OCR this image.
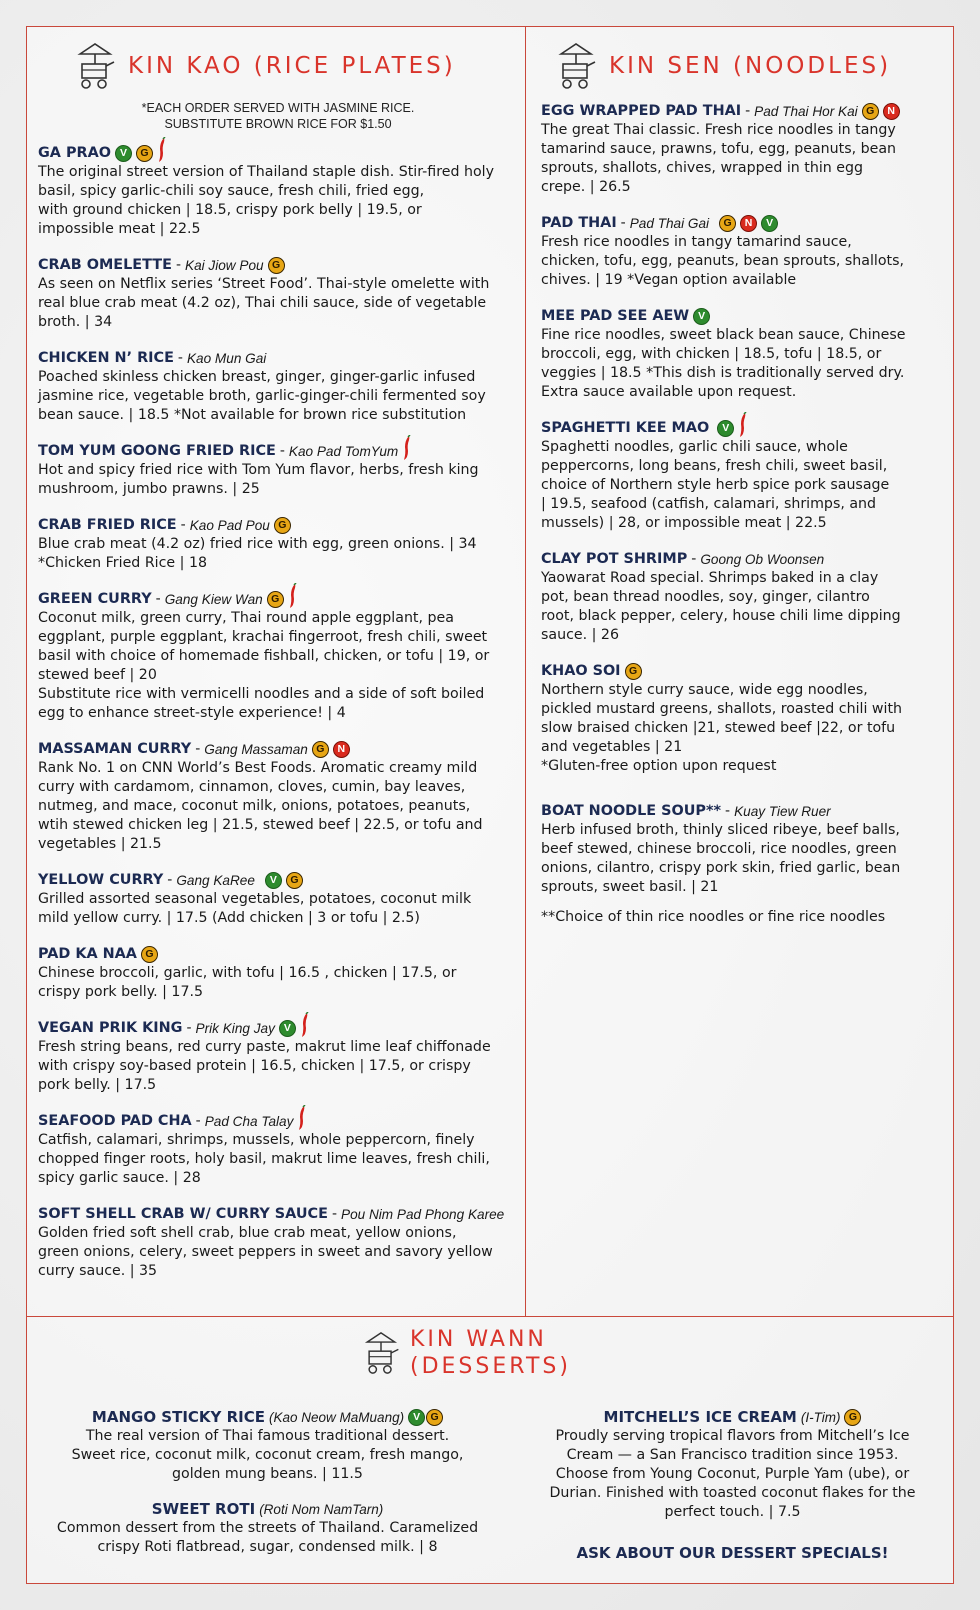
KIN KAO (RICE PLATES)
*EACH ORDER SERVED WITH JASMINE RICE.
SUBSTITUTE BROWN RICE FOR $1.50
GA PRAO V	G
The original street version of Thailand staple dish. Stir-fired holy
basil, spicy garlic-chili soy sauce, fresh chili, fried egg,
with ground chicken | 18.5, crispy pork belly | 19.5, or
impossible meat | 22.5
CRAB OMELETTE - Kai Jiow Pou G
As seen on Netflix series ‘Street Food’. Thai-style omelette with
real blue crab meat (4.2 oz), Thai chili sauce, side of vegetable
broth. | 34
CHICKEN N’ RICE - Kao Mun Gai
Poached skinless chicken breast, ginger, ginger-garlic infused
jasmine rice, vegetable broth, garlic-ginger-chili fermented soy
bean sauce. | 18.5 *Not available for brown rice substitution
TOM YUM GOONG FRIED RICE - Kao Pad TomYum
Hot and spicy fried rice with Tom Yum flavor, herbs, fresh king
mushroom, jumbo prawns. | 25
CRAB FRIED RICE - Kao Pad Pou G
Blue crab meat (4.2 oz) fried rice with egg, green onions. | 34
*Chicken Fried Rice | 18
GREEN CURRY - Gang Kiew Wan G
Coconut milk, green curry, Thai round apple eggplant, pea
eggplant, purple eggplant, krachai fingerroot, fresh chili, sweet
basil with choice of homemade fishball, chicken, or tofu | 19, or
stewed beef | 20
Substitute rice with vermicelli noodles and a side of soft boiled
egg to enhance street-style experience! | 4
MASSAMAN CURRY - Gang Massaman G	N
Rank No. 1 on CNN World’s Best Foods. Aromatic creamy mild
curry with cardamom, cinnamon, cloves, cumin, bay leaves,
nutmeg, and mace, coconut milk, onions, potatoes, peanuts,
wtih stewed chicken leg | 21.5, stewed beef | 22.5, or tofu and
vegetables | 21.5
YELLOW CURRY - Gang KaRee	V	G
Grilled assorted seasonal vegetables, potatoes, coconut milk
mild yellow curry. | 17.5 (Add chicken | 3 or tofu | 2.5)
PAD KA NAA G
Chinese broccoli, garlic, with tofu | 16.5 , chicken | 17.5, or
crispy pork belly. | 17.5
VEGAN PRIK KING - Prik King Jay V
Fresh string beans, red curry paste, makrut lime leaf chiffonade
with crispy soy-based protein | 16.5, chicken | 17.5, or crispy
pork belly. | 17.5
SEAFOOD PAD CHA - Pad Cha Talay
Catfish, calamari, shrimps, mussels, whole peppercorn, finely
chopped finger roots, holy basil, makrut lime leaves, fresh chili,
spicy garlic sauce. | 28
SOFT SHELL CRAB W/ CURRY SAUCE - Pou Nim Pad Phong Karee
Golden fried soft shell crab, blue crab meat, yellow onions,
green onions, celery, sweet peppers in sweet and savory yellow
curry sauce. | 35
KIN SEN (NOODLES)
EGG WRAPPED PAD THAI - Pad Thai Hor Kai G	N
The great Thai classic. Fresh rice noodles in tangy
tamarind sauce, prawns, tofu, egg, peanuts, bean
sprouts, shallots, chives, wrapped in thin egg
crepe. | 26.5
PAD THAI - Pad Thai Gai	G	N	V
Fresh rice noodles in tangy tamarind sauce,
chicken, tofu, egg, peanuts, bean sprouts, shallots,
chives. | 19 *Vegan option available
MEE PAD SEE AEW V
Fine rice noodles, sweet black bean sauce, Chinese
broccoli, egg, with chicken | 18.5, tofu | 18.5, or
veggies | 18.5 *This dish is traditionally served dry.
Extra sauce available upon request.
SPAGHETTI KEE MAO	V
Spaghetti noodles, garlic chili sauce, whole
peppercorns, long beans, fresh chili, sweet basil,
choice of Northern style herb spice pork sausage
| 19.5, seafood (catfish, calamari, shrimps, and
mussels) | 28, or impossible meat | 22.5
CLAY POT SHRIMP - Goong Ob Woonsen
Yaowarat Road special. Shrimps baked in a clay
pot, bean thread noodles, soy, ginger, cilantro
root, black pepper, celery, house chili lime dipping
sauce. | 26
KHAO SOI G
Northern style curry sauce, wide egg noodles,
pickled mustard greens, shallots, roasted chili with
slow braised chicken |21, stewed beef |22, or tofu
and vegetables | 21
*Gluten-free option upon request
BOAT NOODLE SOUP** - Kuay Tiew Ruer
Herb infused broth, thinly sliced ribeye, beef balls,
beef stewed, chinese broccoli, rice noodles, green
onions, cilantro, crispy pork skin, fried garlic, bean
sprouts, sweet basil. | 21
**Choice of thin rice noodles or fine rice noodles
KIN WANN
(DESSERTS)
MANGO STICKY RICE (Kao Neow MaMuang) V G
The real version of Thai famous traditional dessert.
Sweet rice, coconut milk, coconut cream, fresh mango,
golden mung beans. | 11.5
SWEET ROTI (Roti Nom NamTarn)
Common dessert from the streets of Thailand. Caramelized
crispy Roti flatbread, sugar, condensed milk. | 8
MITCHELL’S ICE CREAM (I-Tim) G
Proudly serving tropical flavors from Mitchell’s Ice
Cream — a San Francisco tradition since 1953.
Choose from Young Coconut, Purple Yam (ube), or
Durian. Finished with toasted coconut flakes for the
perfect touch. | 7.5
ASK ABOUT OUR DESSERT SPECIALS!
